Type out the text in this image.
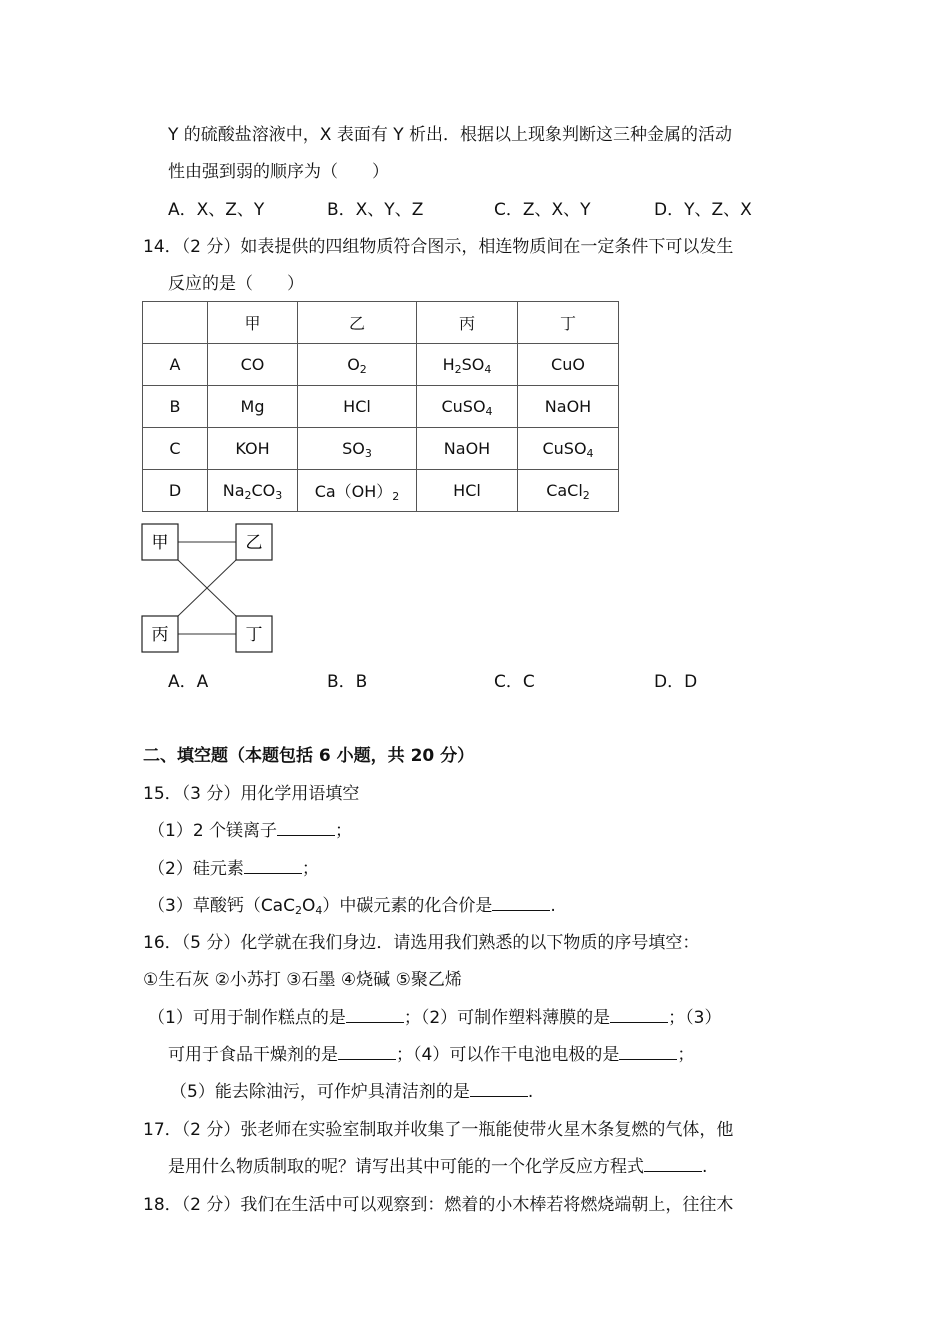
Y 的硫酸盐溶液中，X 表面有 Y 析出．根据以上现象判断这三种金属的活动
性由强到弱的顺序为（　　）
A．X、Z、Y	B．X、Y、Z	C．Z、X、Y	D．Y、Z、X
14．（2 分）如表提供的四组物质符合图示，相连物质间在一定条件下可以发生
反应的是（　　）
	甲	乙	丙	丁
A	CO	$O_2$	$H_2SO_4$	CuO
B	Mg	HCl	CuSO$_4$	NaOH
C	KOH	$SO_3$	NaOH	CuSO$_4$
D	$Na_2CO_3$	$Ca(OH)_2$	HCl	CaCl$_2$
甲	乙
丙	丁
A．A	B．B	C．C	D．D
二、填空题（本题包括 6 小题，共 20 分）
15．（3 分）用化学用语填空
（1）2 个镁离子	；
（2）硅元素	；
（3）草酸钙$(CaC_2O_4)$中碳元素的化合价是	.
16．（5 分）化学就在我们身边．请选用我们熟悉的以下物质的序号填空：
①生石灰 ②小苏打 ③石墨 ④烧碱 ⑤聚乙烯
（1）可用于制作糕点的是	；（2）可制作塑料薄膜的是	；（3）
可用于食品干燥剂的是	；（4）可以作干电池电极的是	；
（5）能去除油污，可作炉具清洁剂的是	.
17．（2 分）张老师在实验室制取并收集了一瓶能使带火星木条复燃的气体，他
是用什么物质制取的呢？请写出其中可能的一个化学反应方程式	.
18．（2 分）我们在生活中可以观察到：燃着的小木棒若将燃烧端朝上，往往木
